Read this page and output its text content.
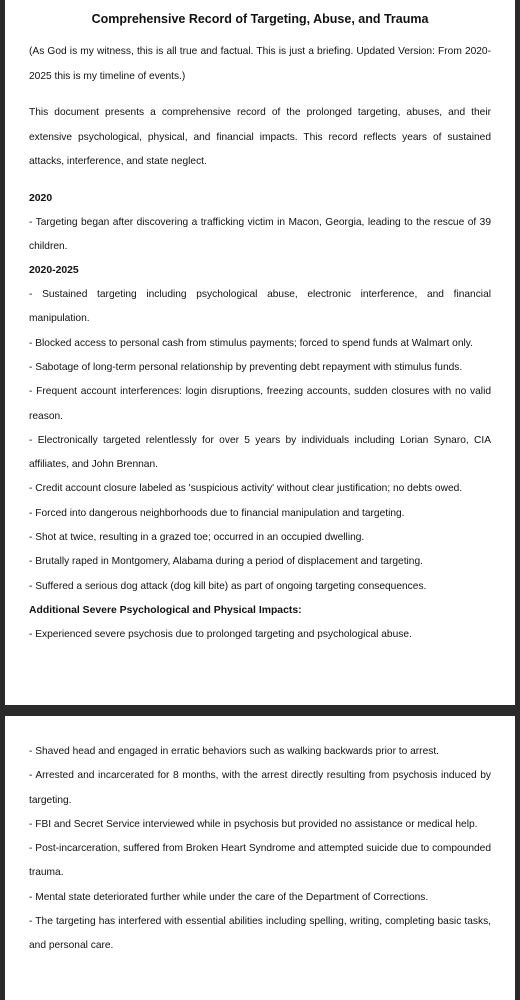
Comprehensive Record of Targeting, Abuse, and Trauma

(As God is my witness, this is all true and factual. This is just a briefing. Updated Version: From 2020-2025 this is my timeline of events.)

This document presents a comprehensive record of the prolonged targeting, abuses, and their extensive psychological, physical, and financial impacts. This record reflects years of sustained attacks, interference, and state neglect.

2020

- Targeting began after discovering a trafficking victim in Macon, Georgia, leading to the rescue of 39 children.

2020-2025

- Sustained targeting including psychological abuse, electronic interference, and financial manipulation.

- Blocked access to personal cash from stimulus payments; forced to spend funds at Walmart only.

- Sabotage of long-term personal relationship by preventing debt repayment with stimulus funds.

- Frequent account interferences: login disruptions, freezing accounts, sudden closures with no valid reason.

- Electronically targeted relentlessly for over 5 years by individuals including Lorian Synaro, CIA affiliates, and John Brennan.

- Credit account closure labeled as 'suspicious activity' without clear justification; no debts owed.

- Forced into dangerous neighborhoods due to financial manipulation and targeting.

- Shot at twice, resulting in a grazed toe; occurred in an occupied dwelling.

- Brutally raped in Montgomery, Alabama during a period of displacement and targeting.

- Suffered a serious dog attack (dog kill bite) as part of ongoing targeting consequences.

Additional Severe Psychological and Physical Impacts:

- Experienced severe psychosis due to prolonged targeting and psychological abuse.

- Shaved head and engaged in erratic behaviors such as walking backwards prior to arrest.

- Arrested and incarcerated for 8 months, with the arrest directly resulting from psychosis induced by targeting.

- FBI and Secret Service interviewed while in psychosis but provided no assistance or medical help.

- Post-incarceration, suffered from Broken Heart Syndrome and attempted suicide due to compounded trauma.

- Mental state deteriorated further while under the care of the Department of Corrections.

- The targeting has interfered with essential abilities including spelling, writing, completing basic tasks, and personal care.
